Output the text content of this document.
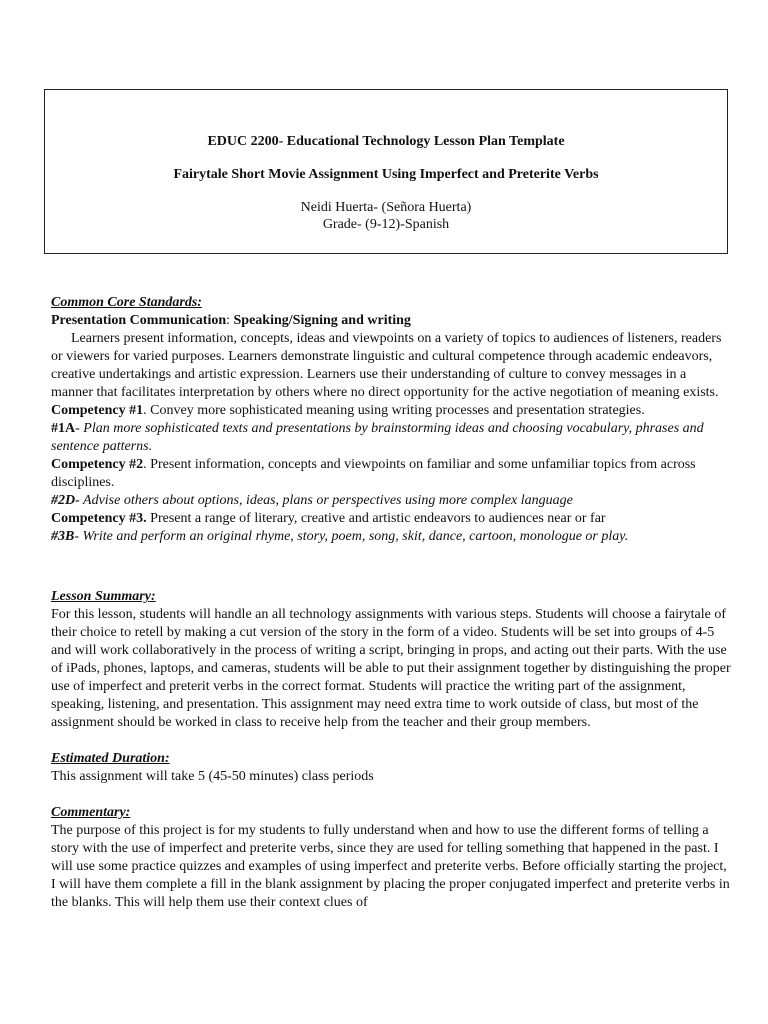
EDUC 2200- Educational Technology Lesson Plan Template
Fairytale Short Movie Assignment Using Imperfect and Preterite Verbs
Neidi Huerta- (Señora Huerta)
Grade- (9-12)-Spanish

Common Core Standards:

Presentation Communication: Speaking/Signing and writing

Learners present information, concepts, ideas and viewpoints on a variety of topics to audiences of listeners, readers or viewers for varied purposes. Learners demonstrate linguistic and cultural competence through academic endeavors, creative undertakings and artistic expression. Learners use their understanding of culture to convey messages in a manner that facilitates interpretation by others where no direct opportunity for the active negotiation of meaning exists.

Competency #1. Convey more sophisticated meaning using writing processes and presentation strategies.

#1A- Plan more sophisticated texts and presentations by brainstorming ideas and choosing vocabulary, phrases and sentence patterns.

Competency #2. Present information, concepts and viewpoints on familiar and some unfamiliar topics from across disciplines.

#2D- Advise others about options, ideas, plans or perspectives using more complex language

Competency #3. Present a range of literary, creative and artistic endeavors to audiences near or far

#3B- Write and perform an original rhyme, story, poem, song, skit, dance, cartoon, monologue or play.

Lesson Summary:

For this lesson, students will handle an all technology assignments with various steps. Students will choose a fairytale of their choice to retell by making a cut version of the story in the form of a video. Students will be set into groups of 4-5 and will work collaboratively in the process of writing a script, bringing in props, and acting out their parts. With the use of iPads, phones, laptops, and cameras, students will be able to put their assignment together by distinguishing the proper use of imperfect and preterit verbs in the correct format. Students will practice the writing part of the assignment, speaking, listening, and presentation. This assignment may need extra time to work outside of class, but most of the assignment should be worked in class to receive help from the teacher and their group members.

Estimated Duration:

This assignment will take 5 (45-50 minutes) class periods

Commentary:

The purpose of this project is for my students to fully understand when and how to use the different forms of telling a story with the use of imperfect and preterite verbs, since they are used for telling something that happened in the past. I will use some practice quizzes and examples of using imperfect and preterite verbs. Before officially starting the project, I will have them complete a fill in the blank assignment by placing the proper conjugated imperfect and preterite verbs in the blanks. This will help them use their context clues of
